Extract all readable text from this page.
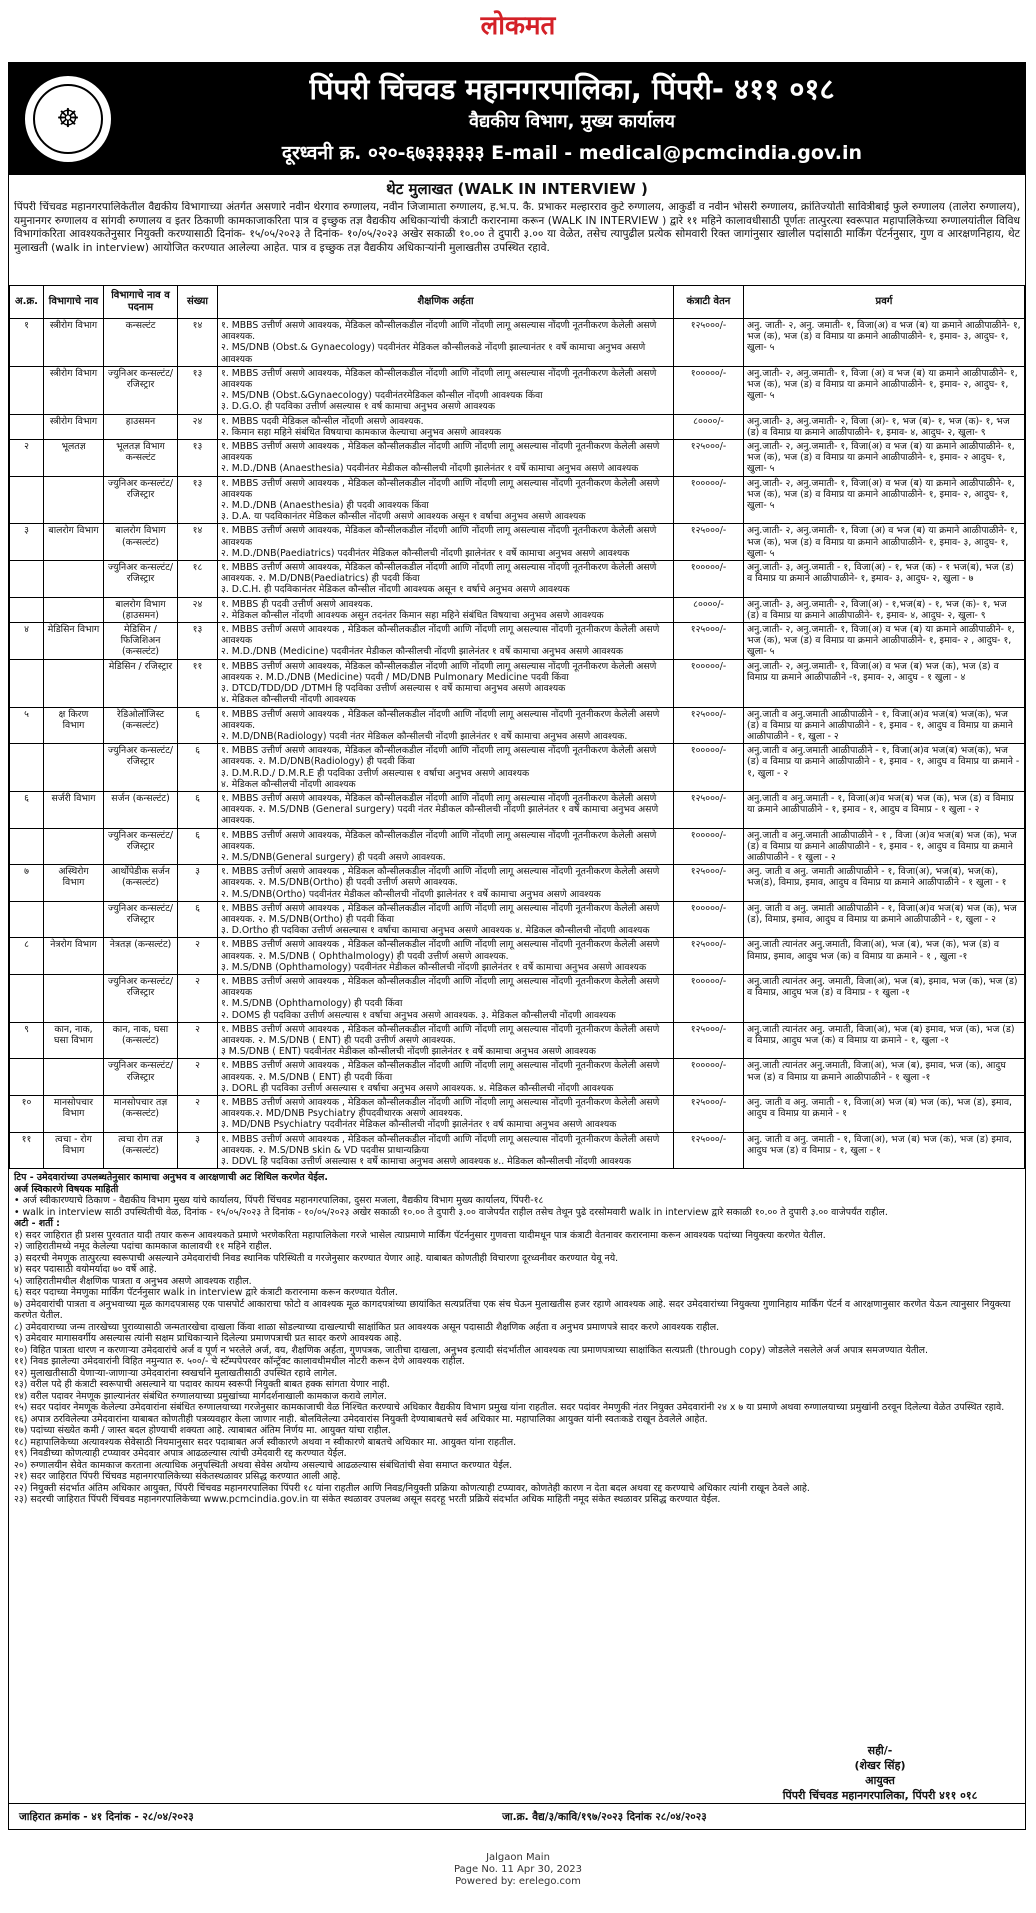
लोकमत
☸
पिंपरी चिंचवड महानगरपालिका, पिंपरी- ४११ ०१८
वैद्यकीय विभाग, मुख्य कार्यालय
दूरध्वनी क्र. ०२०-६७३३३३३३ E-mail - medical@pcmcindia.gov.in
थेट मुलाखत (WALK IN INTERVIEW )
पिंपरी चिंचवड महानगरपालिकेतील वैद्यकीय विभागाच्या अंतर्गत असणारे नवीन थेरगाव रुग्णालय, नवीन जिजामाता रुग्णालय, ह.भ.प. कै. प्रभाकर मल्हारराव कुटे रुग्णालय, आकुर्डी व नवीन भोसरी रुग्णालय, क्रांतिज्योती सावित्रीबाई फुले रुग्णालय (तालेरा रुग्णालय), यमुनानगर रुग्णालय व सांगवी रुग्णालय व इतर ठिकाणी कामकाजाकरिता पात्र व इच्छुक तज्ञ वैद्यकीय अधिकाऱ्यांची कंत्राटी करारनामा करून (WALK IN INTERVIEW ) द्वारे ११ महिने कालावधीसाठी पूर्णतः तात्पुरत्या स्वरूपात महापालिकेच्या रुग्णालयांतील विविध विभागांकरिता आवश्यकतेनुसार नियुक्ती करण्यासाठी दिनांक- १५/०५/२०२३ ते दिनांक- १०/०५/२०२३ अखेर सकाळी १०.०० ते दुपारी ३.०० या वेळेत, तसेच त्यापुढील प्रत्येक सोमवारी रिक्त जागांनुसार खालील पदांसाठी मार्किंग पॅटर्ननुसार, गुण व आरक्षणनिहाय, थेट मुलाखती (walk in interview) आयोजित करण्यात आलेल्या आहेत. पात्र व इच्छुक तज्ञ वैद्यकीय अधिकाऱ्यांनी मुलाखतीस उपस्थित रहावे.
अ.क्र.	विभागाचे नाव	विभागाचे नाव व पदनाम	संख्या	शैक्षणिक अर्हता	कंत्राटी वेतन	प्रवर्ग
१	स्त्रीरोग विभाग	कन्सल्टंट	१४	१. MBBS उत्तीर्ण असणे आवश्यक, मेडिकल कौन्सीलकडील नोंदणी आणि नोंदणी लागू असल्यास नोंदणी नूतनीकरण केलेली असणे आवश्यक.
२. MS/DNB (Obst.& Gynaecology) पदवीनंतर मेडिकल कौन्सीलकडे नोंदणी झाल्यानंतर १ वर्षे कामाचा अनुभव असणे आवश्यक	१२५०००/-	अनु. जाती- २, अनु. जमाती- १, विजा(अ) व भज (ब) या क्रमाने आळीपाळीने- १, भज (क), भज (ड) व विमाप्र या क्रमाने आळीपाळीने- १, इमाव- ३, आदुघ- १, खुला- ५
	स्त्रीरोग विभाग	ज्युनिअर कन्सल्टंट/ रजिस्ट्रार	१३	१. MBBS उत्तीर्ण असणे आवश्यक, मेडिकल कौन्सीलकडील नोंदणी आणि नोंदणी लागू असल्यास नोंदणी नूतनीकरण केलेली असणे आवश्यक
२. MS/DNB (Obst.&Gynaecology) पदवीनंतरमेडिकल कौन्सील नोंदणी आवश्यक किंवा
३. D.G.O. ही पदविका उत्तीर्ण असल्यास १ वर्ष कामाचा अनुभव असणे आवश्यक	१०००००/-	अनु.जाती- २, अनु.जमाती- १, विजा (अ) व भज (ब) या क्रमाने आळीपाळीने- १, भज (क), भज (ड) व विमाप्र या क्रमाने आळीपाळीने- १, इमाव- २, आदुघ- १, खुला- ५
	स्त्रीरोग विभाग	हाउसमन	२४	१. MBBS पदवी मेडिकल कौन्सील नोंदणी असणे आवश्यक.
२. किमान सहा महिने संबंधित विषयाचा कामकाज केल्याचा अनुभव असणे आवश्यक	८००००/-	अनु.जाती- ३, अनु.जमाती- २, विजा (अ)- १, भज (ब)- १, भज (क)- १, भज (ड) व विमाप्र या क्रमाने आळीपाळीने- १, इमाव- ४, आदुघ- २, खुला- ९
२	भूलतज्ञ	भूलतज्ञ विभाग कन्सल्टंट	१३	१. MBBS उत्तीर्ण असणे आवश्यक , मेडिकल कौन्सीलकडील नोंदणी आणि नोंदणी लागू असल्यास नोंदणी नूतनीकरण केलेली असणे आवश्यक
२. M.D./DNB (Anaesthesia) पदवीनंतर मेडीकल कौन्सीलची नोंदणी झालेनंतर १ वर्षे कामाचा अनुभव असणे आवश्यक	१२५०००/-	अनु.जाती- २, अनु.जमाती- १, विजा(अ) व भज (ब) या क्रमाने आळीपाळीने- १, भज (क), भज (ड) व विमाप्र या क्रमाने आळीपाळीने- १, इमाव- २ आदुघ- १, खुला- ५
		ज्युनिअर कन्सल्टंट/ रजिस्ट्रार	१३	१. MBBS उत्तीर्ण असणे आवश्यक , मेडिकल कौन्सीलकडील नोंदणी आणि नोंदणी लागू असल्यास नोंदणी नूतनीकरण केलेली असणे आवश्यक
२. M.D./DNB (Anaesthesia) ही पदवी आवश्यक किंवा
३. D.A. या पदविकानंतर मेडिकल कौन्सील नोंदणी असणे आवश्यक असून १ वर्षाचा अनुभव असणे आवश्यक	१०००००/-	अनु.जाती- २, अनु.जमाती- १, विजा(अ) व भज (ब) या क्रमाने आळीपाळीने- १, भज (क), भज (ड) व विमाप्र या क्रमाने आळीपाळीने- १, इमाव- २, आदुघ- १, खुला- ५
३	बालरोग विभाग	बालरोग विभाग (कन्सल्टंट)	१४	१. MBBS उत्तीर्ण असणे आवश्यक, मेडिकल कौन्सीलकडील नोंदणी आणि नोंदणी लागू असल्यास नोंदणी नूतनीकरण केलेली असणे आवश्यक
२. M.D./DNB(Paediatrics) पदवीनंतर मेडिकल कौन्सीलची नोंदणी झालेनंतर १ वर्षे कामाचा अनुभव असणे आवश्यक	१२५०००/-	अनु.जाती- २, अनु.जमाती- १, विजा (अ) व भज (ब) या क्रमाने आळीपाळीने- १, भज (क), भज (ड) व विमाप्र या क्रमाने आळीपाळीने- १, इमाव- ३, आदुघ- १, खुला- ५
		ज्युनिअर कन्सल्टंट/ रजिस्ट्रार	१८	१. MBBS उत्तीर्ण असणे आवश्यक, मेडिकल कौन्सीलकडील नोंदणी आणि नोंदणी लागू असल्यास नोंदणी नूतनीकरण केलेली असणे आवश्यक. २. M.D/DNB(Paediatrics) ही पदवी किंवा
३. D.C.H. ही पदविकानंतर मेडिकल कौन्सील नोंदणी आवश्यक असून १ वर्षाचे अनुभव असणे आवश्यक	१०००००/-	अनु.जाती- ३, अनु.जमाती - १, विजा(अ) - १, भज (क) - १ भज(ब), भज (ड) व विमाप्र या क्रमाने आळीपाळीने- १, इमाव- ३, आदुघ- २, खुला - ७
		बालरोग विभाग (हाउसमन)	२४	१. MBBS ही पदवी उत्तीर्ण असणे आवश्यक.
२. मेडिकल कौन्सील नोंदणी आवश्यक असुन तदनंतर किमान सहा महिने संबंधित विषयाचा अनुभव असणे आवश्यक	८००००/-	अनु.जाती- ३, अनु.जमाती- २, विजा(अ) - १,भज(ब) - १, भज (क)- १, भज (ड) व विमाप्र या क्रमाने आळीपाळीने- १, इमाव- ४, आदुघ- २, खुला- ९
४	मेडिसिन विभाग	मेडिसिन / फिजिशिअन (कन्सल्टंट)	१३	१. MBBS उत्तीर्ण असणे आवश्यक , मेडिकल कौन्सीलकडील नोंदणी आणि नोंदणी लागू असल्यास नोंदणी नूतनीकरण केलेली असणे आवश्यक
२. M.D./DNB (Medicine) पदवीनंतर मेडीकल कौन्सीलची नोंदणी झालेनंतर १ वर्षे कामाचा अनुभव असणे आवश्यक	१२५०००/-	अनु.जाती- २, अनु.जमाती- १, विजा(अ) व भज (ब) या क्रमाने आळीपाळीने- १, भज (क), भज (ड) व विमाप्र या क्रमाने आळीपाळीने- १, इमाव- २ , आदुघ- १, खुला- ५
		मेडिसिन / रजिस्ट्रार	११	१. MBBS उत्तीर्ण असणे आवश्यक, मेडिकल कौन्सीलकडील नोंदणी आणि नोंदणी लागू असल्यास नोंदणी नूतनीकरण केलेली असणे आवश्यक २. M.D./DNB (Medicine) पदवी / MD/DNB Pulmonary Medicine पदवी किंवा
३. DTCD/TDD/DD /DTMH हि पदविका उत्तीर्ण असल्यास १ वर्षे कामाचा अनुभव असणे आवश्यक
४. मेडिकल कौन्सीलची नोंदणी आवश्यक	१०००००/-	अनु.जाती- २, अनु.जमाती- १, विजा(अ) व भज (ब) भज (क), भज (ड) व विमाप्र या क्रमाने आळीपाळीने -१, इमाव- २, आदुघ - १ खुला - ४
५	क्ष किरण विभाग	रेडिओलॉजिस्ट (कन्सल्टंट)	६	१. MBBS उत्तीर्ण असणे आवश्यक , मेडिकल कौन्सीलकडील नोंदणी आणि नोंदणी लागू असल्यास नोंदणी नूतनीकरण केलेली असणे आवश्यक.
२. M.D/DNB(Radiology) पदवी नंतर मेडिकल कौन्सीलची नोंदणी झालेनंतर १ वर्षे कामाचा अनुभव असणे आवश्यक.	१२५०००/-	अनु.जाती व अनु.जमाती आळीपाळीने - १, विजा(अ)व भज(ब) भज(क), भज (ड) व विमाप्र या क्रमाने आळीपाळीने - १, इमाव - १, आदुघ व विमाप्र या क्रमाने आळीपाळीने - १, खुला - २
		ज्युनिअर कन्सल्टंट/ रजिस्ट्रार	६	१. MBBS उत्तीर्ण असणे आवश्यक, मेडिकल कौन्सीलकडील नोंदणी आणि नोंदणी लागू असल्यास नोंदणी नूतनीकरण केलेली असणे आवश्यक. २. M.D/DNB(Radiology) ही पदवी किंवा
३. D.M.R.D./ D.M.R.E ही पदविका उत्तीर्ण असल्यास १ वर्षाचा अनुभव असणे आवश्यक
४. मेडिकल कौन्सीलची नोंदणी आवश्यक	१०००००/-	अनु.जाती व अनु.जमाती आळीपाळीने - १, विजा(अ)व भज(ब) भज(क), भज (ड) व विमाप्र या क्रमाने आळीपाळीने - १, इमाव - १, आदुघ व विमाप्र या क्रमाने - १, खुला - २
६	सर्जरी विभाग	सर्जन (कन्सल्टंट)	६	१. MBBS उत्तीर्ण असणे आवश्यक, मेडिकल कौन्सीलकडील नोंदणी आणि नोंदणी लागू असल्यास नोंदणी नूतनीकरण केलेली असणे आवश्यक. २. M.S/DNB (General surgery) पदवी नंतर मेडीकल कौन्सीलची नोंदणी झालेनंतर १ वर्षे कामाचा अनुभव असणे आवश्यक.	१२५०००/-	अनु.जाती व अनु.जमाती - १, विजा(अ)व भज(ब) भज (क), भज (ड) व विमाप्र या क्रमाने आळीपाळीने - १, इमाव - १, आदुघ व विमाप्र - १ खुला - २
		ज्युनिअर कन्सल्टंट/ रजिस्ट्रार	६	१. MBBS उत्तीर्ण असणे आवश्यक, मेडिकल कौन्सीलकडील नोंदणी आणि नोंदणी लागू असल्यास नोंदणी नूतनीकरण केलेली असणे आवश्यक.
२. M.S/DNB(General surgery) ही पदवी असणे आवश्यक.	१०००००/-	अनु.जाती व अनु.जमाती आळीपाळीने - १ , विजा (अ)व भज(ब) भज (क), भज (ड) व विमाप्र या क्रमाने आळीपाळीने - १, इमाव - १, आदुघ व विमाप्र या क्रमाने आळीपाळीने - १ खुला - २
७	अस्थिरोग विभाग	आर्थोपेडीक सर्जन (कन्सल्टंट)	३	१. MBBS उत्तीर्ण असणे आवश्यक , मेडिकल कौन्सीलकडील नोंदणी आणि नोंदणी लागू असल्यास नोंदणी नूतनीकरण केलेली असणे आवश्यक. २. M.S/DNB(Ortho) ही पदवी उत्तीर्ण असणे आवश्यक.
२. M.S/DNB(Ortho) पदवीनंतर मेडीकल कौन्सीलची नोंदणी झालेनंतर १ वर्षे कामाचा अनुभव असणे आवश्यक	१२५०००/-	अनु. जाती व अनु. जमाती आळीपाळीने - १, विजा(अ), भज(ब), भज(क), भज(ड), विमाप्र, इमाव, आदुघ व विमाप्र या क्रमाने आळीपाळीने - १ खुला - १
		ज्युनिअर कन्सल्टंट/ रजिस्ट्रार	६	१. MBBS उत्तीर्ण असणे आवश्यक , मेडिकल कौन्सीलकडील नोंदणी आणि नोंदणी लागू असल्यास नोंदणी नूतनीकरण केलेली असणे आवश्यक. २. M.S/DNB(Ortho) ही पदवी किंवा
३. D.Ortho ही पदविका उत्तीर्ण असल्यास १ वर्षाचा कामाचा अनुभव असणे आवश्यक ४. मेडिकल कौन्सीलची नोंदणी आवश्यक	१०००००/-	अनु. जाती व अनु. जमाती आळीपाळीने - १, विजा(अ)व भज(ब) भज (क), भज (ड), विमाप्र, इमाव, आदुघ व विमाप्र या क्रमाने आळीपाळीने - १, खुला - २
८	नेत्ररोग विभाग	नेत्रतज्ञ (कन्सल्टंट)	२	१. MBBS उत्तीर्ण असणे आवश्यक , मेडिकल कौन्सीलकडील नोंदणी आणि नोंदणी लागू असल्यास नोंदणी नूतनीकरण केलेली असणे आवश्यक. २. M.S/DNB ( Ophthalmology) ही पदवी उत्तीर्ण असणे आवश्यक.
३. M.S/DNB (Ophthamology) पदवीनंतर मेडीकल कौन्सीलची नोंदणी झालेनंतर १ वर्षे कामाचा अनुभव असणे आवश्यक	१२५०००/-	अनु.जाती त्यानंतर अनु.जमाती, विजा(अ), भज (ब), भज (क), भज (ड) व विमाप्र, इमाव, आदुघ भज (क) व विमाप्र या क्रमाने - १ , खुला -१
		ज्युनिअर कन्सल्टंट/ रजिस्ट्रार	२	१. MBBS उत्तीर्ण असणे आवश्यक , मेडिकल कौन्सीलकडील नोंदणी आणि नोंदणी लागू असल्यास नोंदणी नूतनीकरण केलेली असणे आवश्यक
१. M.S/DNB (Ophthamology) ही पदवी किंवा
२. DOMS ही पदविका उत्तीर्ण असल्यास १ वर्षाचा अनुभव असणे आवश्यक. ३. मेडिकल कौन्सीलची नोंदणी आवश्यक	१०००००/-	अनु.जाती त्यानंतर अनु. जमाती, विजा(अ), भज (ब), इमाव, भज (क), भज (ड) व विमाप्र, आदुघ भज (ड) व विमाप्र - १ खुला -१
९	कान, नाक, घसा विभाग	कान, नाक, घसा (कन्सल्टंट)	२	१. MBBS उत्तीर्ण असणे आवश्यक , मेडिकल कौन्सीलकडील नोंदणी आणि नोंदणी लागू असल्यास नोंदणी नूतनीकरण केलेली असणे आवश्यक. २. M.S/DNB ( ENT) ही पदवी उत्तीर्ण असणे आवश्यक.
३ M.S/DNB ( ENT) पदवीनंतर मेडीकल कौन्सीलची नोंदणी झालेनंतर १ वर्षे कामाचा अनुभव असणे आवश्यक	१२५०००/-	अनु.जाती त्यानंतर अनु. जमाती, विजा(अ), भज (ब) इमाव, भज (क), भज (ड) व विमाप्र, आदुघ भज (क) व विमाप्र या क्रमाने - १, खुला -१
		ज्युनिअर कन्सल्टंट/ रजिस्ट्रार	२	१. MBBS उत्तीर्ण असणे आवश्यक , मेडिकल कौन्सीलकडील नोंदणी आणि नोंदणी लागू असल्यास नोंदणी नूतनीकरण केलेली असणे आवश्यक. २. M.S/DNB ( ENT) ही पदवी किंवा
३. DORL ही पदविका उत्तीर्ण असल्यास १ वर्षाचा अनुभव असणे आवश्यक. ४. मेडिकल कौन्सीलची नोंदणी आवश्यक	१०००००/-	अनु.जाती त्यानंतर अनु.जमाती, विजा(अ), भज (ब), इमाव, भज (क), आदुघ भज (ड) व विमाप्र या क्रमाने आळीपाळीने - १ खुला -१
१०	मानसोपचार विभाग	मानसोपचार तज्ञ (कन्सल्टंट)	२	१. MBBS उत्तीर्ण असणे आवश्यक , मेडिकल कौन्सीलकडील नोंदणी आणि नोंदणी लागू असल्यास नोंदणी नूतनीकरण केलेली असणे आवश्यक.२. MD/DNB Psychiatry हीपदवीधारक असणे आवश्यक.
३. MD/DNB Psychiatry पदवीनंतर मेडिकल कौन्सीलची नोंदणी झालेनंतर १ वर्ष कामाचा अनुभव असणे आवश्यक	१२५०००/-	अनु. जाती व अनु. जमाती - १, विजा(अ) भज (ब) भज (क), भज (ड), इमाव, आदुघ व विमाप्र या क्रमाने - १
११	त्वचा - रोग विभाग	त्वचा रोग तज्ञ (कन्सल्टंट)	३	१. MBBS उत्तीर्ण असणे आवश्यक , मेडिकल कौन्सीलकडील नोंदणी आणि नोंदणी लागू असल्यास नोंदणी नूतनीकरण केलेली असणे आवश्यक. २. M.S/DNB skin & VD पदवीस प्राधान्यक्रिया
३. DDVL हि पदविका उत्तीर्ण असल्यास १ वर्षे कामाचा अनुभव असणे आवश्यक ४.. मेडिकल कौन्सीलची नोंदणी आवश्यक	१२५०००/-	अनु. जाती व अनु. जमाती - १, विजा(अ), भज (ब) भज (क), भज (ड) इमाव, आदुघ भज (ड) व विमाप्र - १, खुला - १
टिप - उमेदवारांच्या उपलब्धतेनुसार कामाचा अनुभव व आरक्षणाची अट शिथिल करणेत येईल.
अर्ज स्विकारणे विषयक माहिती
• अर्ज स्वीकारण्याचे ठिकाण - वैद्यकीय विभाग मुख्य यांचे कार्यालय, पिंपरी चिंचवड महानगरपालिका, दुसरा मजला, वैद्यकीय विभाग मुख्य कार्यालय, पिंपरी-१८
• walk in interview साठी उपस्थितीची वेळ, दिनांक - १५/०५/२०२३ ते दिनांक - १०/०५/२०२३ अखेर सकाळी १०.०० ते दुपारी ३.०० वाजेपर्यंत राहील तसेच तेथून पुढे दरसोमवारी walk in interview द्वारे सकाळी १०.०० ते दुपारी ३.०० वाजेपर्यंत राहील.
अटी - शर्ती :
१) सदर जाहिरात ही प्रशस पुरवतात यादी तयार करून आवश्यकते प्रमाणे भरणेकरिता महापालिकेला गरजे भासेल त्याप्रमाणे मार्किंग पॅटर्ननुसार गुणवत्ता यादीमधून पात्र कंत्राटी वेतनावर करारनामा करून आवश्यक पदांच्या नियुक्त्या करणेत येतील.
२) जाहिरातीमध्ये नमूद केलेल्या पदांचा कामकाज कालावधी ११ महिने राहील.
३) सदरची नेमणूक तात्पुरत्या स्वरूपाची असल्याने उमेदवारांची निवड स्थानिक परिस्थिती व गरजेनुसार करण्यात येणार आहे. याबाबत कोणतीही विचारणा दूरध्वनीवर करण्यात येवू नये.
४) सदर पदासाठी वयोमर्यादा ७० वर्षे आहे.
५) जाहिरातीमधील शैक्षणिक पात्रता व अनुभव असणे आवश्यक राहील.
६) सदर पदाच्या नेमणुका मार्किंग पॅटर्ननुसार walk in interview द्वारे कंत्राटी करारनामा करून करण्यात येतील.
७) उमेदवारांची पात्रता व अनुभवाच्या मूळ कागदपत्रासह एक पासपोर्ट आकाराचा फोटो व आवश्यक मूळ कागदपत्रांच्या छायांकित सत्यप्रतिंचा एक संच घेऊन मुलाखतीस हजर रहाणे आवश्यक आहे. सदर उमेदवारांच्या नियुक्त्या गुणानिहाय मार्किंग पॅटर्न व आरक्षणानुसार करणेत येऊन त्यानुसार नियुक्त्या करणेत येतील.
८) उमेदवाराच्या जन्म तारखेच्या पुराव्यासाठी जन्मतारखेचा दाखला किंवा शाळा सोडल्याच्या दाखल्याची साक्षांकित प्रत आवश्यक असून पदासाठी शैक्षणिक अर्हता व अनुभव प्रमाणपत्रे सादर करणे आवश्यक राहील.
९) उमेदवार मागासवर्गीय असल्यास त्यांनी सक्षम प्राधिकाऱ्याने दिलेल्या प्रमाणपत्राची प्रत सादर करणे आवश्यक आहे.
१०) विहित पात्रता धारण न करणाऱ्या उमेदवारांचे अर्ज व पूर्ण न भरलेले अर्ज, वय, शैक्षणिक अर्हता, गुणपत्रक, जातीचा दाखला, अनुभव इत्यादी संदर्भातील आवश्यक त्या प्रमाणपत्राच्या साक्षांकित सत्यप्रती (through copy) जोडलेले नसलेले अर्ज अपात्र समजण्यात येतील.
११) निवड झालेल्या उमेदवारांनी विहित नमुन्यात रु. ५००/- चे स्टॅम्पपेपरवर कॉन्ट्रॅक्ट कालावधीमधील नोटरी करून देणे आवश्यक राहील.
१२) मुलाखतीसाठी येणाऱ्या-जाणाऱ्या उमेदवारांना स्वखर्चाने मुलाखतीसाठी उपस्थित रहावे लागेल.
१३) वरील पदे ही कंत्राटी स्वरूपाची असल्याने या पदावर कायम स्वरूपी नियुक्ती बाबत हक्क सांगता येणार नाही.
१४) वरील पदावर नेमणूक झाल्यानंतर संबंधित रुग्णालयाच्या प्रमुखांच्या मार्गदर्शनाखाली कामकाज करावे लागेल.
१५) सदर पदांवर नेमणूक केलेल्या उमेदवारांना संबंधित रुग्णालयाच्या गरजेनुसार कामकाजाची वेळ निश्चित करण्याचे अधिकार वैद्यकीय विभाग प्रमुख यांना राहतील. सदर पदांवर नेमणुकी नंतर नियुक्त उमेदवारांनी २४ x ७ या प्रमाणे अथवा रुग्णालयाच्या प्रमुखांनी ठरवून दिलेल्या वेळेत उपस्थित रहावे.
१६) अपात्र ठरविलेल्या उमेदवारांना याबाबत कोणतीही पत्रव्यवहार केला जाणार नाही. बोलविलेल्या उमेदवारांस नियुक्ती देण्याबाबतचे सर्व अधिकार मा. महापालिका आयुक्त यांनी स्वतःकडे राखून ठेवलेले आहेत.
१७) पदांच्या संख्येत कमी / जास्त बदल होण्याची शक्यता आहे. त्याबाबत अंतिम निर्णय मा. आयुक्त यांचा राहील.
१८) महापालिकेच्या अत्यावश्यक सेवेसाठी नियमानुसार सदर पदाबाबत अर्ज स्वीकारणे अथवा न स्वीकारणे बाबतचे अधिकार मा. आयुक्त यांना राहतील.
१९) निवडीच्या कोणत्याही टप्प्यावर उमेदवार अपात्र आढळल्यास त्यांची उमेदवारी रद्द करण्यात येईल.
२०) रुग्णालयीन सेवेत कामकाज करताना अत्याधिक अनुपस्थिती अथवा सेवेस अयोग्य असल्याचे आढळल्यास संबंधितांची सेवा समाप्त करण्यात येईल.
२१) सदर जाहिरात पिंपरी चिंचवड महानगरपालिकेच्या संकेतस्थळावर प्रसिद्ध करण्यात आली आहे.
२२) नियुक्ती संदर्भात अंतिम अधिकार आयुक्त, पिंपरी चिंचवड महानगरपालिका पिंपरी १८ यांना राहतील आणि निवड/नियुक्ती प्रक्रिया कोणत्याही टप्प्यावर, कोणतेही कारण न देता बदल अथवा रद्द करण्याचे अधिकार त्यांनी राखून ठेवले आहे.
२३) सदरची जाहिरात पिंपरी चिंचवड महानगरपालिकेच्या www.pcmcindia.gov.in या संकेत स्थळावर उपलब्ध असून सदरहू भरती प्रक्रिये संदर्भात अधिक माहिती नमूद संकेत स्थळावर प्रसिद्ध करण्यात येईल.
सही/-
(शेखर सिंह)
आयुक्त
पिंपरी चिंचवड महानगरपालिका, पिंपरी ४११ ०१८
जाहिरात क्रमांक - ४१ दिनांक - २८/०४/२०२३	जा.क्र. वैद्य/३/कावि/१९७/२०२३ दिनांक २८/०४/२०२३
Jalgaon Main
Page No. 11 Apr 30, 2023
Powered by: erelego.com
